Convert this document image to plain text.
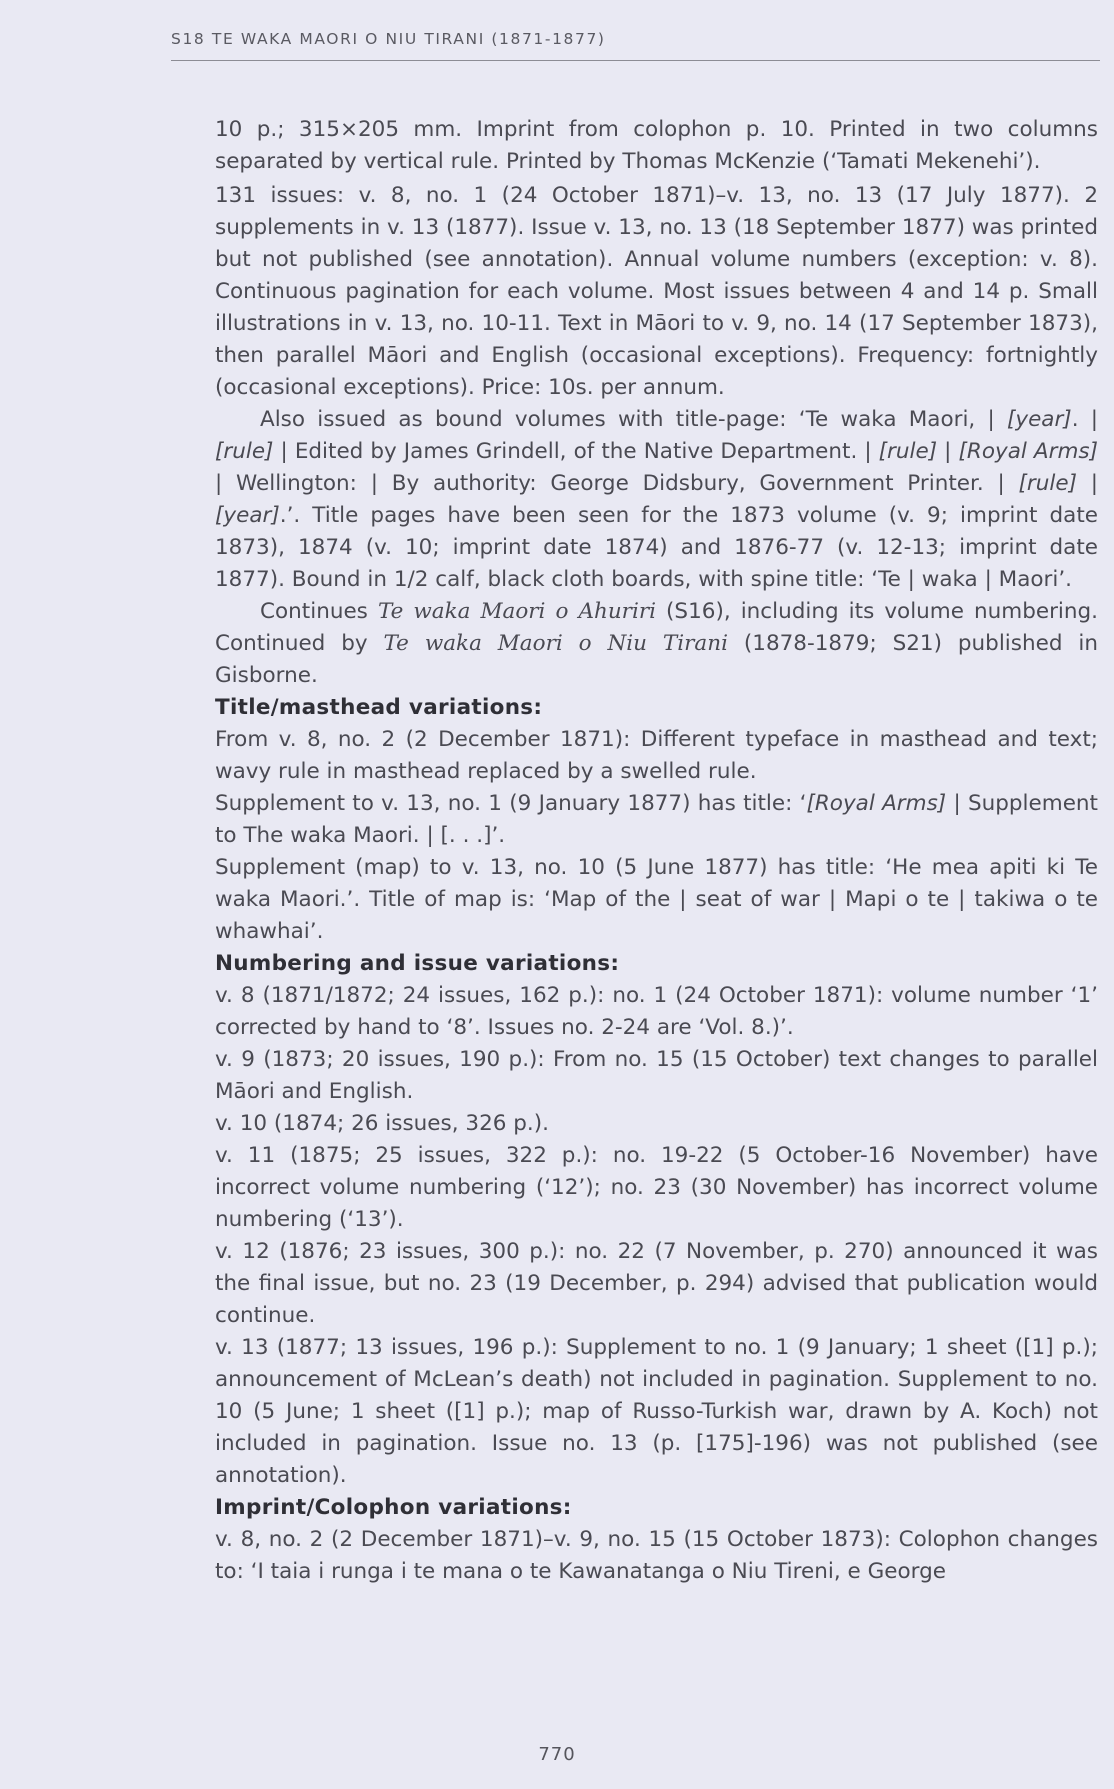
S18 TE WAKA MAORI O NIU TIRANI (1871-1877)

10 p.; 315×205 mm. Imprint from colophon p. 10. Printed in two columns separated by vertical rule. Printed by Thomas McKenzie (‘Tamati Mekenehi’).

131 issues: v. 8, no. 1 (24 October 1871)–v. 13, no. 13 (17 July 1877). 2 supplements in v. 13 (1877). Issue v. 13, no. 13 (18 September 1877) was printed but not published (see annotation). Annual volume numbers (exception: v. 8). Continuous pagination for each volume. Most issues between 4 and 14 p. Small illustrations in v. 13, no. 10-11. Text in Māori to v. 9, no. 14 (17 September 1873), then parallel Māori and English (occasional exceptions). Frequency: fortnightly (occasional exceptions). Price: 10s. per annum.

Also issued as bound volumes with title-page: ‘Te waka Maori, | [year]. | [rule] | Edited by James Grindell, of the Native Department. | [rule] | [Royal Arms] | Wellington: | By authority: George Didsbury, Government Printer. | [rule] | [year].’. Title pages have been seen for the 1873 volume (v. 9; imprint date 1873), 1874 (v. 10; imprint date 1874) and 1876-77 (v. 12-13; imprint date 1877). Bound in 1/2 calf, black cloth boards, with spine title: ‘Te | waka | Maori’.

Continues Te waka Maori o Ahuriri (S16), including its volume numbering. Continued by Te waka Maori o Niu Tirani (1878-1879; S21) published in Gisborne.

Title/masthead variations:

From v. 8, no. 2 (2 December 1871): Different typeface in masthead and text; wavy rule in masthead replaced by a swelled rule.

Supplement to v. 13, no. 1 (9 January 1877) has title: ‘[Royal Arms] | Supplement to The waka Maori. | [. . .]’.

Supplement (map) to v. 13, no. 10 (5 June 1877) has title: ‘He mea apiti ki Te waka Maori.’. Title of map is: ‘Map of the | seat of war | Mapi o te | takiwa o te whawhai’.

Numbering and issue variations:

v. 8 (1871/1872; 24 issues, 162 p.): no. 1 (24 October 1871): volume number ‘1’ corrected by hand to ‘8’. Issues no. 2-24 are ‘Vol. 8.)’.

v. 9 (1873; 20 issues, 190 p.): From no. 15 (15 October) text changes to parallel Māori and English.

v. 10 (1874; 26 issues, 326 p.).

v. 11 (1875; 25 issues, 322 p.): no. 19-22 (5 October-16 November) have incorrect volume numbering (‘12’); no. 23 (30 November) has incorrect volume numbering (‘13’).

v. 12 (1876; 23 issues, 300 p.): no. 22 (7 November, p. 270) announced it was the final issue, but no. 23 (19 December, p. 294) advised that publication would continue.

v. 13 (1877; 13 issues, 196 p.): Supplement to no. 1 (9 January; 1 sheet ([1] p.); announcement of McLean’s death) not included in pagination. Supplement to no. 10 (5 June; 1 sheet ([1] p.); map of Russo-Turkish war, drawn by A. Koch) not included in pagination. Issue no. 13 (p. [175]-196) was not published (see annotation).

Imprint/Colophon variations:

v. 8, no. 2 (2 December 1871)–v. 9, no. 15 (15 October 1873): Colophon changes to: ‘I taia i runga i te mana o te Kawanatanga o Niu Tireni, e George

770
